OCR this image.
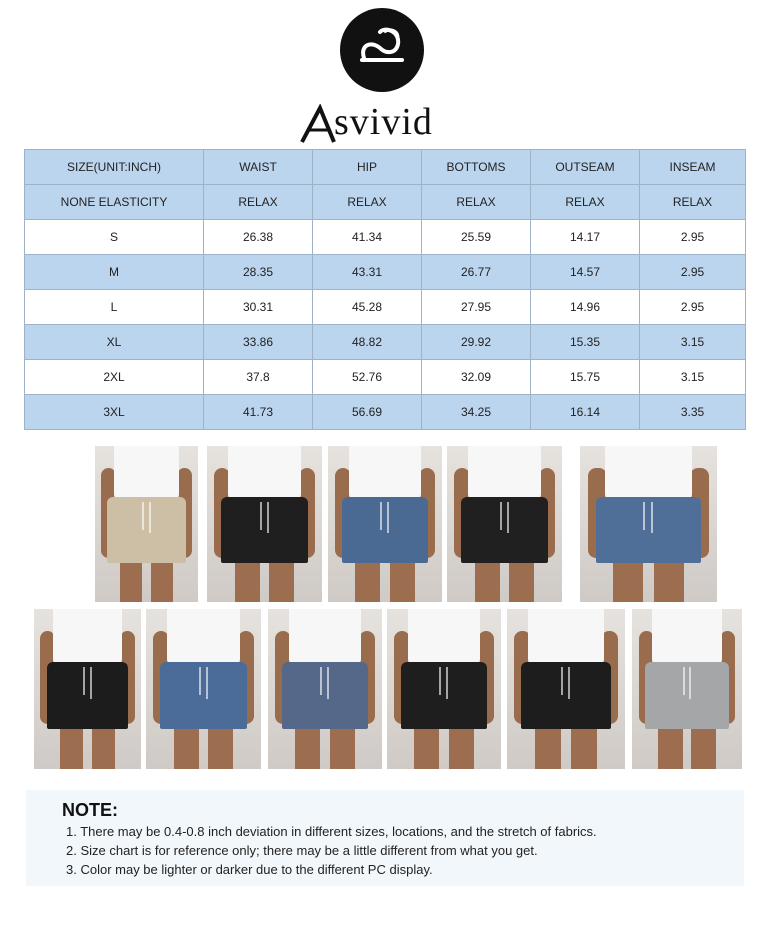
svivid
SIZE(UNIT:INCH)	WAIST	HIP	BOTTOMS	OUTSEAM	INSEAM
NONE ELASTICITY	RELAX	RELAX	RELAX	RELAX	RELAX
S	26.38	41.34	25.59	14.17	2.95
M	28.35	43.31	26.77	14.57	2.95
L	30.31	45.28	27.95	14.96	2.95
XL	33.86	48.82	29.92	15.35	3.15
2XL	37.8	52.76	32.09	15.75	3.15
3XL	41.73	56.69	34.25	16.14	3.35
NOTE:
1. There may be 0.4-0.8 inch deviation in different sizes, locations, and the stretch of fabrics.
2. Size chart is for reference only; there may be a little different from what you get.
3. Color may be lighter or darker due to the different PC display.
